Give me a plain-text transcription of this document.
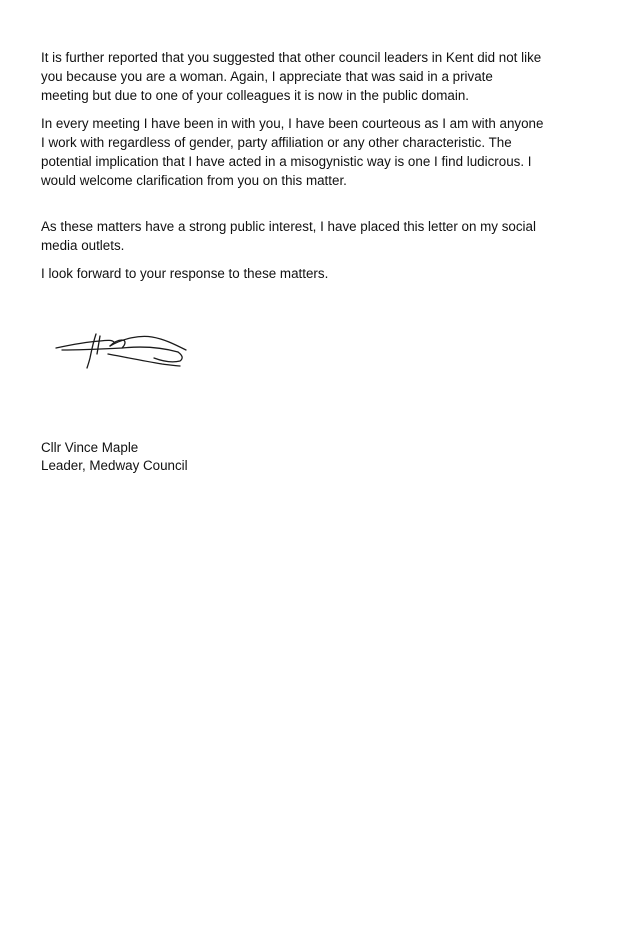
It is further reported that you suggested that other council leaders in Kent did not like
you because you are a woman. Again, I appreciate that was said in a private
meeting but due to one of your colleagues it is now in the public domain.

In every meeting I have been in with you, I have been courteous as I am with anyone
I work with regardless of gender, party affiliation or any other characteristic. The
potential implication that I have acted in a misogynistic way is one I find ludicrous. I
would welcome clarification from you on this matter.

As these matters have a strong public interest, I have placed this letter on my social
media outlets.

I look forward to your response to these matters.

Cllr Vince Maple
Leader, Medway Council
